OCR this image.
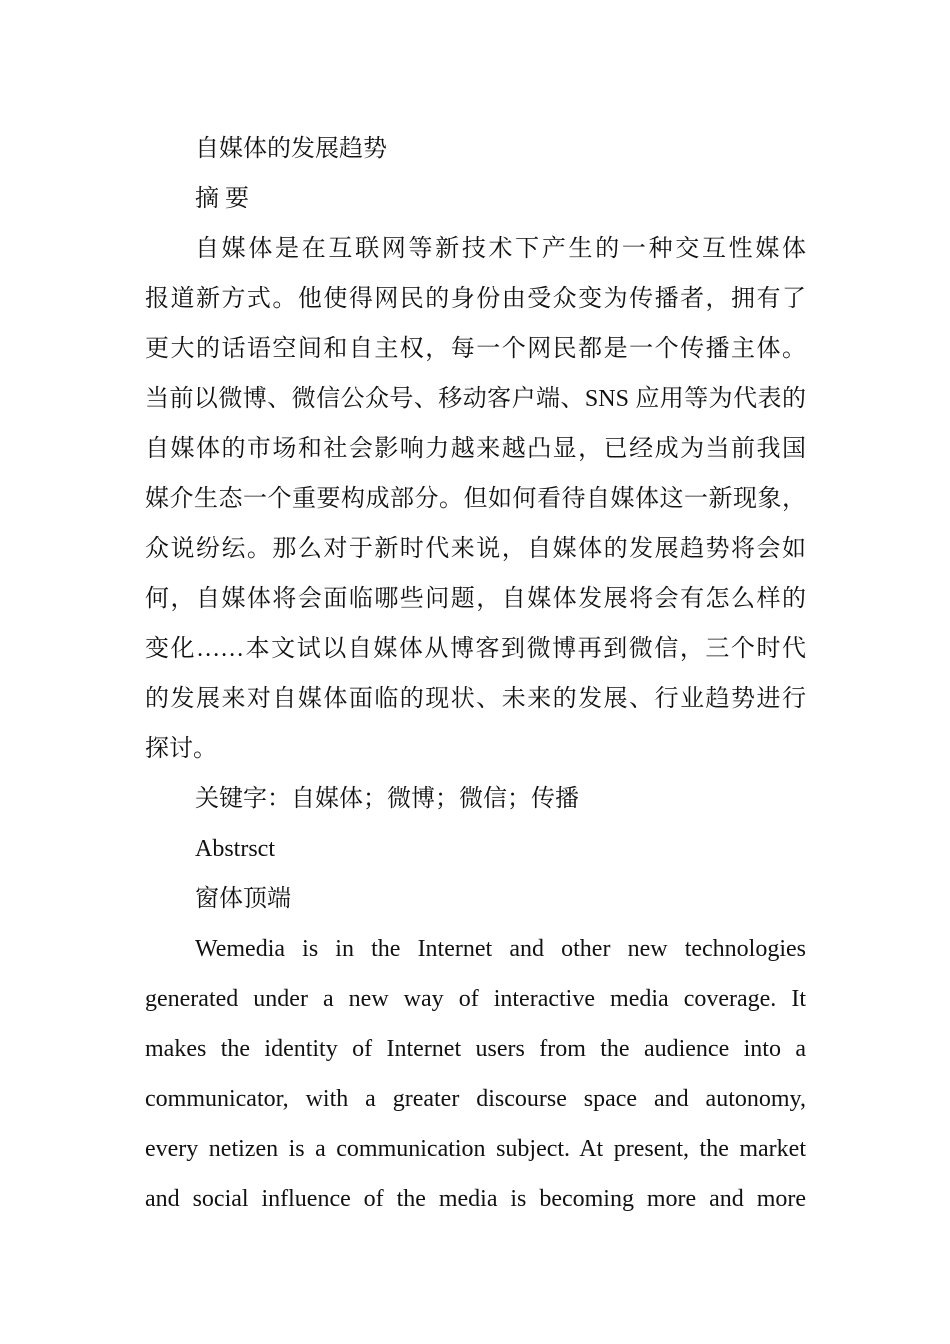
自媒体的发展趋势
摘 要
自媒体是在互联网等新技术下产生的一种交互性媒体
报道新方式。他使得网民的身份由受众变为传播者，拥有了
更大的话语空间和自主权，每一个网民都是一个传播主体。
当前以微博、微信公众号、移动客户端、SNS 应用等为代表的
自媒体的市场和社会影响力越来越凸显，已经成为当前我国
媒介生态一个重要构成部分。但如何看待自媒体这一新现象，
众说纷纭。那么对于新时代来说，自媒体的发展趋势将会如
何，自媒体将会面临哪些问题，自媒体发展将会有怎么样的
变化……本文试以自媒体从博客到微博再到微信，三个时代
的发展来对自媒体面临的现状、未来的发展、行业趋势进行
探讨。
关键字：自媒体；微博；微信；传播
Abstrsct
窗体顶端
Wemedia is in the Internet and other new technologies
generated under a new way of interactive media coverage. It
makes the identity of Internet users from the audience into a
communicator, with a greater discourse space and autonomy,
every netizen is a communication subject. At present, the market
and social influence of the media is becoming more and more
